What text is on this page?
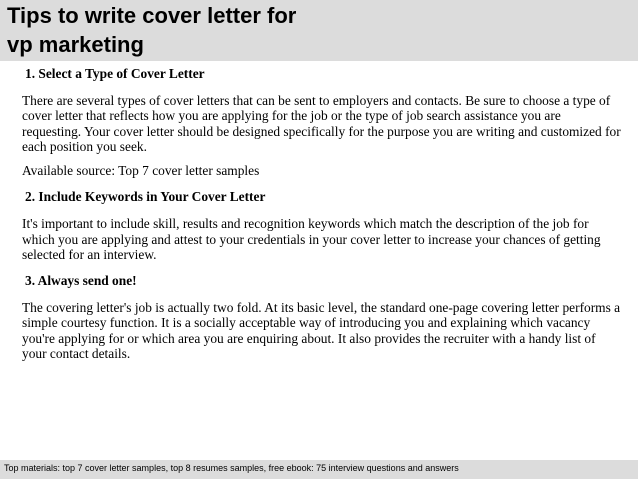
Tips to write cover letter for
vp marketing

1. Select a Type of Cover Letter

There are several types of cover letters that can be sent to employers and contacts. Be sure to choose a type of cover letter that reflects how you are applying for the job or the type of job search assistance you are requesting. Your cover letter should be designed specifically for the purpose you are writing and customized for each position you seek.

Available source: Top 7 cover letter samples

2. Include Keywords in Your Cover Letter

It's important to include skill, results and recognition keywords which match the description of the job for which you are applying and attest to your credentials in your cover letter to increase your chances of getting selected for an interview.

3. Always send one!

The covering letter's job is actually two fold. At its basic level, the standard one-page covering letter performs a simple courtesy function. It is a socially acceptable way of introducing you and explaining which vacancy you're applying for or which area you are enquiring about. It also provides the recruiter with a handy list of your contact details.

Top materials: top 7 cover letter samples, top 8 resumes samples, free ebook: 75 interview questions and answers
